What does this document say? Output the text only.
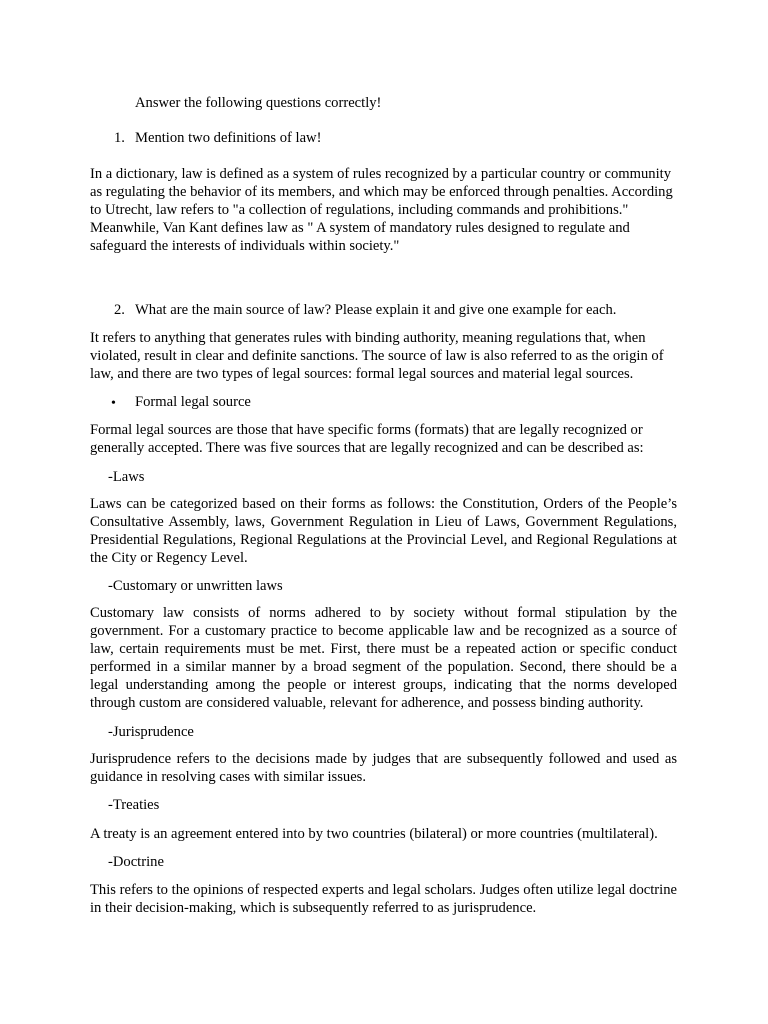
Answer the following questions correctly!
1. Mention two definitions of law!
In a dictionary, law is defined as a system of rules recognized by a particular country or community as regulating the behavior of its members, and which may be enforced through penalties. According to Utrecht, law refers to "a collection of regulations, including commands and prohibitions." Meanwhile, Van Kant defines law as " A system of mandatory rules designed to regulate and safeguard the interests of individuals within society."
2. What are the main source of law? Please explain it and give one example for each.
It refers to anything that generates rules with binding authority, meaning regulations that, when violated, result in clear and definite sanctions. The source of law is also referred to as the origin of law, and there are two types of legal sources: formal legal sources and material legal sources.
• Formal legal source
Formal legal sources are those that have specific forms (formats) that are legally recognized or generally accepted. There was five sources that are legally recognized and can be described as:
-Laws
Laws can be categorized based on their forms as follows: the Constitution, Orders of the People’s Consultative Assembly, laws, Government Regulation in Lieu of Laws, Government Regulations, Presidential Regulations, Regional Regulations at the Provincial Level, and Regional Regulations at the City or Regency Level.
-Customary or unwritten laws
Customary law consists of norms adhered to by society without formal stipulation by the government. For a customary practice to become applicable law and be recognized as a source of law, certain requirements must be met. First, there must be a repeated action or specific conduct performed in a similar manner by a broad segment of the population. Second, there should be a legal understanding among the people or interest groups, indicating that the norms developed through custom are considered valuable, relevant for adherence, and possess binding authority.
-Jurisprudence
Jurisprudence refers to the decisions made by judges that are subsequently followed and used as guidance in resolving cases with similar issues.
-Treaties
A treaty is an agreement entered into by two countries (bilateral) or more countries (multilateral).
-Doctrine
This refers to the opinions of respected experts and legal scholars. Judges often utilize legal doctrine in their decision-making, which is subsequently referred to as jurisprudence.
